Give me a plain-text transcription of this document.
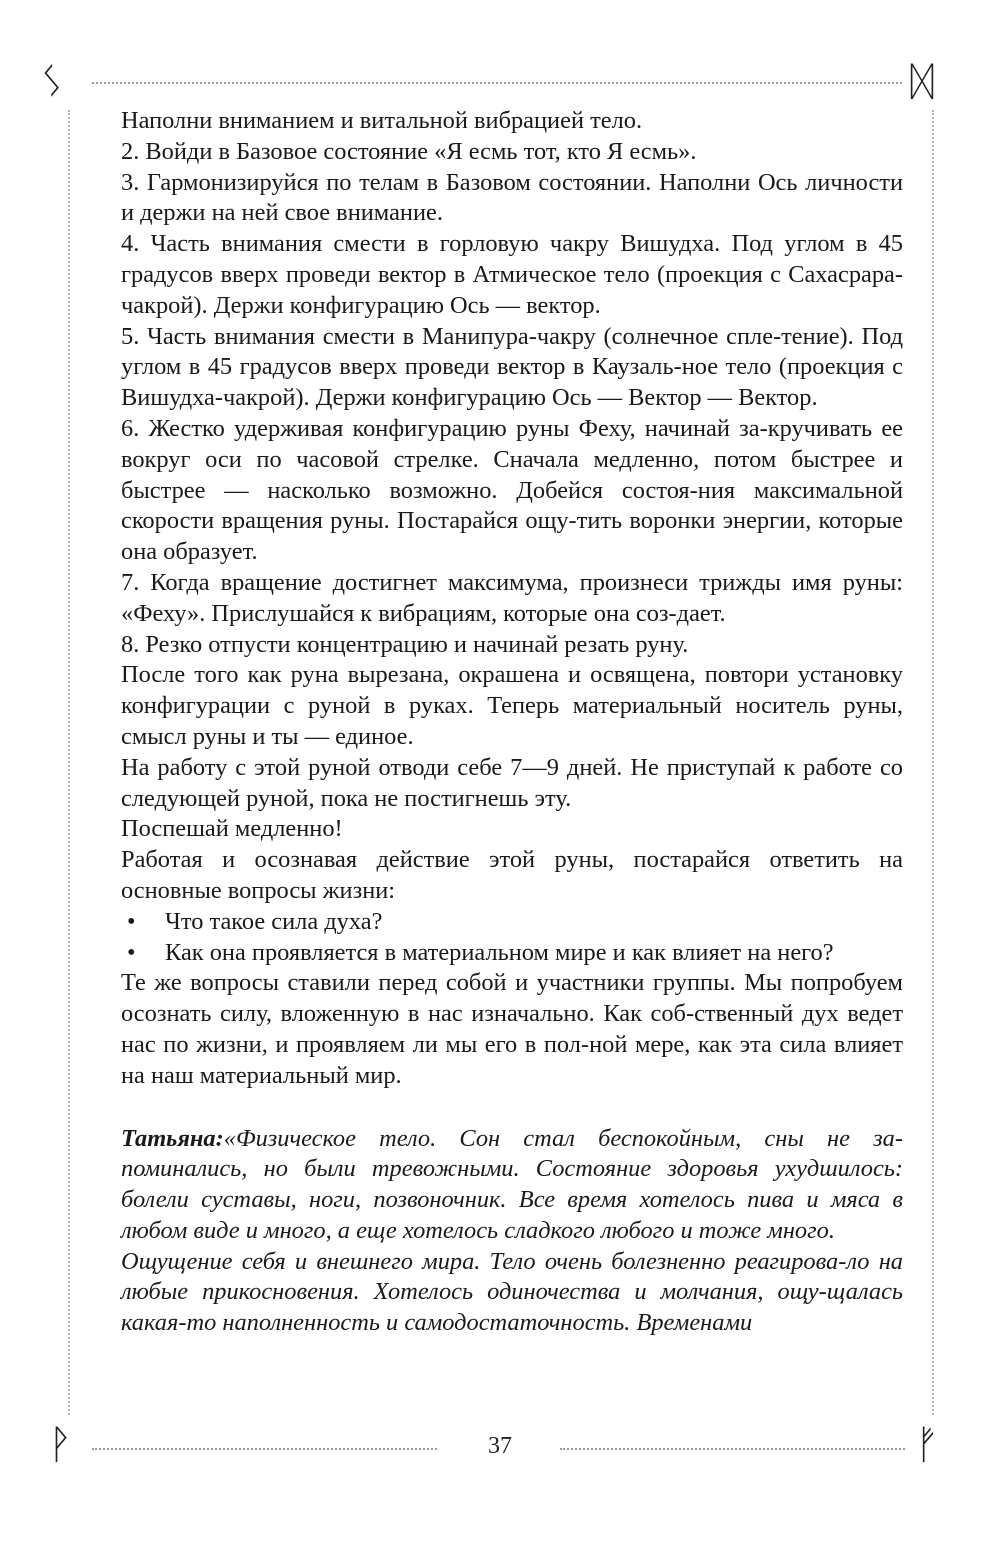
ᛊ	ᛞ

Наполни вниманием и витальной вибрацией тело.

2. Войди в Базовое состояние «Я есмь тот, кто Я есмь».

3. Гармонизируйся по телам в Базовом состоянии. Наполни Ось личности и держи на ней свое внимание.

4. Часть внимания смести в горловую чакру Вишудха. Под углом в 45 градусов вверх проведи вектор в Атмическое тело (проекция с Сахасрара-чакрой). Держи конфигурацию Ось — вектор.

5. Часть внимания смести в Манипура-чакру (солнечное спле-тение). Под углом в 45 градусов вверх проведи вектор в Каузаль-ное тело (проекция с Вишудха-чакрой). Держи конфигурацию Ось — Вектор — Вектор.

6. Жестко удерживая конфигурацию руны Феху, начинай за-кручивать ее вокруг оси по часовой стрелке. Сначала медленно, потом быстрее и быстрее — насколько возможно. Добейся состоя-ния максимальной скорости вращения руны. Постарайся ощу-тить воронки энергии, которые она образует.

7. Когда вращение достигнет максимума, произнеси трижды имя руны: «Феху». Прислушайся к вибрациям, которые она соз-дает.

8. Резко отпусти концентрацию и начинай резать руну.

После того как руна вырезана, окрашена и освящена, повтори установку конфигурации с руной в руках. Теперь материальный носитель руны, смысл руны и ты — единое.

На работу с этой руной отводи себе 7—9 дней. Не приступай к работе со следующей руной, пока не постигнешь эту.

Поспешай медленно!

Работая и осознавая действие этой руны, постарайся ответить на основные вопросы жизни:

• Что такое сила духа?

• Как она проявляется в материальном мире и как влияет на него?

Те же вопросы ставили перед собой и участники группы. Мы попробуем осознать силу, вложенную в нас изначально. Как соб-ственный дух ведет нас по жизни, и проявляем ли мы его в пол-ной мере, как эта сила влияет на наш материальный мир.

Татьяна:«Физическое тело. Сон стал беспокойным, сны не за-поминались, но были тревожными. Состояние здоровья ухудшилось: болели суставы, ноги, позвоночник. Все время хотелось пива и мяса в любом виде и много, а еще хотелось сладкого любого и тоже много.

Ощущение себя и внешнего мира. Тело очень болезненно реагирова-ло на любые прикосновения. Хотелось одиночества и молчания, ощу-щалась какая-то наполненность и самодостаточность. Временами

ᚹ	37	ᚠ
